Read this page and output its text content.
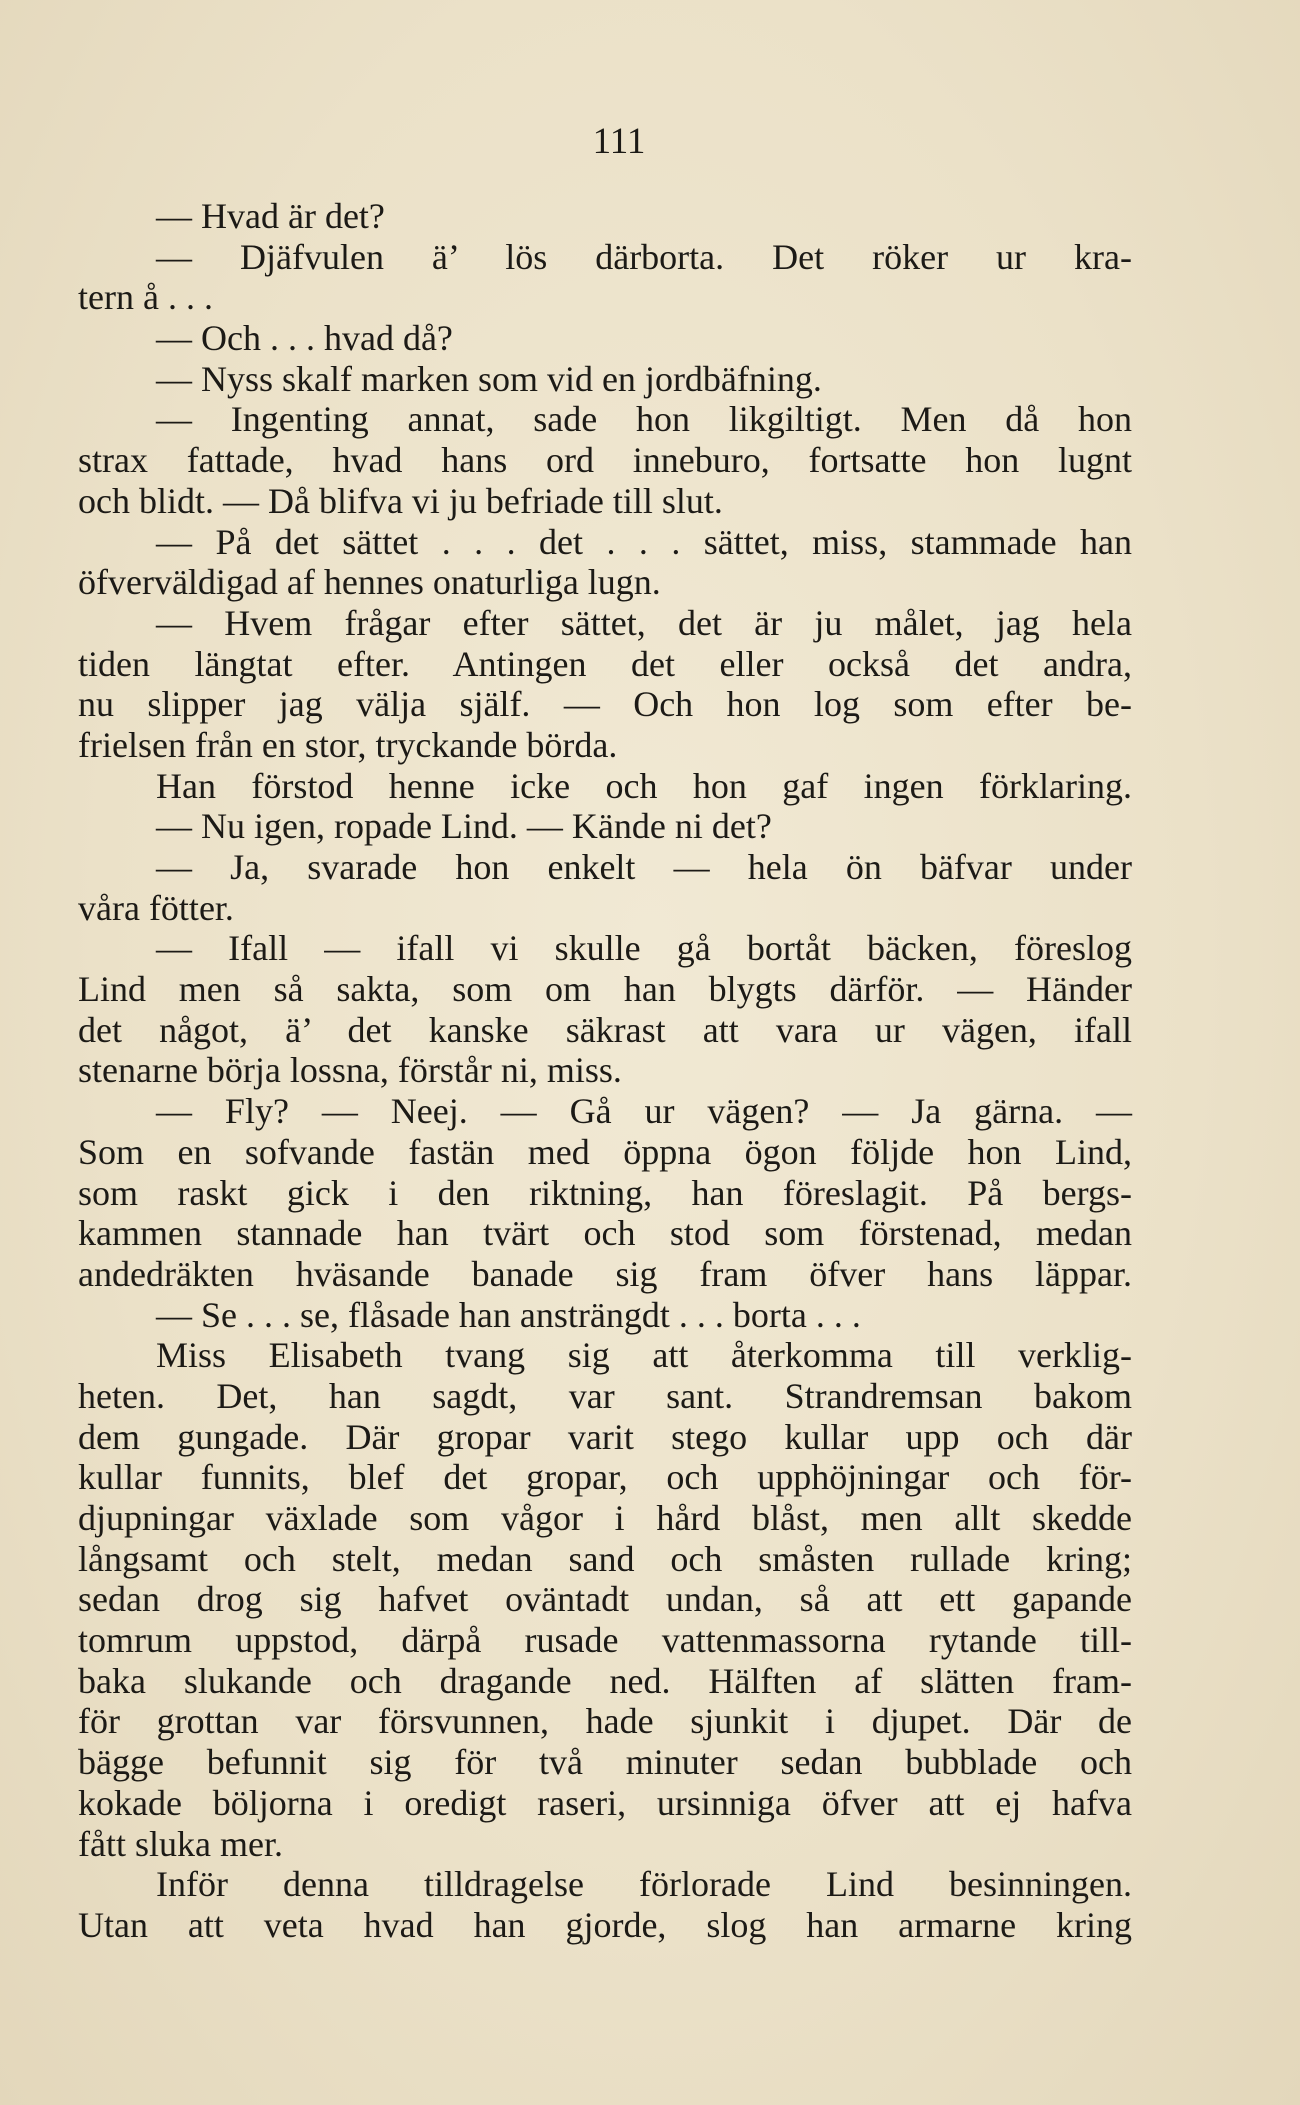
111
— Hvad är det?
— Djäfvulen ä’ lös därborta. Det röker ur kra-
tern å . . .
— Och . . . hvad då?
— Nyss skalf marken som vid en jordbäfning.
— Ingenting annat, sade hon likgiltigt. Men då hon
strax fattade, hvad hans ord inneburo, fortsatte hon lugnt
och blidt. — Då blifva vi ju befriade till slut.
— På det sättet . . . det . . . sättet, miss, stammade han
öfverväldigad af hennes onaturliga lugn.
— Hvem frågar efter sättet, det är ju målet, jag hela
tiden längtat efter. Antingen det eller också det andra,
nu slipper jag välja själf. — Och hon log som efter be-
frielsen från en stor, tryckande börda.
Han förstod henne icke och hon gaf ingen förklaring.
— Nu igen, ropade Lind. — Kände ni det?
— Ja, svarade hon enkelt — hela ön bäfvar under
våra fötter.
— Ifall — ifall vi skulle gå bortåt bäcken, föreslog
Lind men så sakta, som om han blygts därför. — Händer
det något, ä’ det kanske säkrast att vara ur vägen, ifall
stenarne börja lossna, förstår ni, miss.
— Fly? — Neej. — Gå ur vägen? — Ja gärna. —
Som en sofvande fastän med öppna ögon följde hon Lind,
som raskt gick i den riktning, han föreslagit. På bergs-
kammen stannade han tvärt och stod som förstenad, medan
andedräkten hväsande banade sig fram öfver hans läppar.
— Se . . . se, flåsade han ansträngdt . . . borta . . .
Miss Elisabeth tvang sig att återkomma till verklig-
heten. Det, han sagdt, var sant. Strandremsan bakom
dem gungade. Där gropar varit stego kullar upp och där
kullar funnits, blef det gropar, och upphöjningar och för-
djupningar växlade som vågor i hård blåst, men allt skedde
långsamt och stelt, medan sand och småsten rullade kring;
sedan drog sig hafvet oväntadt undan, så att ett gapande
tomrum uppstod, därpå rusade vattenmassorna rytande till-
baka slukande och dragande ned. Hälften af slätten fram-
för grottan var försvunnen, hade sjunkit i djupet. Där de
bägge befunnit sig för två minuter sedan bubblade och
kokade böljorna i oredigt raseri, ursinniga öfver att ej hafva
fått sluka mer.
Inför denna tilldragelse förlorade Lind besinningen.
Utan att veta hvad han gjorde, slog han armarne kring
